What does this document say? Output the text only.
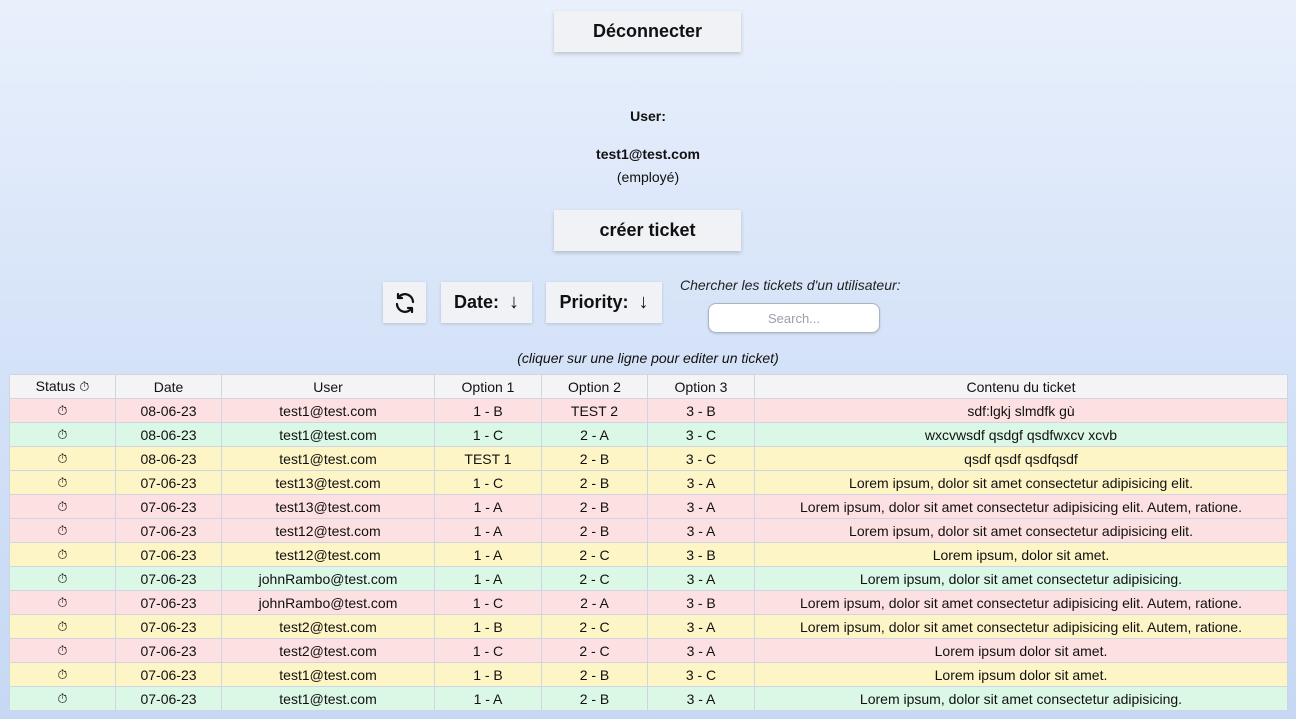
Déconnecter
User:
test1@test.com
(employé)
créer ticket
Date: ↓ Priority: ↓
Chercher les tickets d'un utilisateur:
Search...
(cliquer sur une ligne pour editer un ticket)
Status ⏱	Date	User	Option 1	Option 2	Option 3	Contenu du ticket
⏱	08-06-23	test1@test.com	1 - B	TEST 2	3 - B	sdf:lgkj slmdfk gù
⏱	08-06-23	test1@test.com	1 - C	2 - A	3 - C	wxcvwsdf qsdgf qsdfwxcv xcvb
⏱	08-06-23	test1@test.com	TEST 1	2 - B	3 - C	qsdf qsdf qsdfqsdf
⏱	07-06-23	test13@test.com	1 - C	2 - B	3 - A	Lorem ipsum, dolor sit amet consectetur adipisicing elit.
⏱	07-06-23	test13@test.com	1 - A	2 - B	3 - A	Lorem ipsum, dolor sit amet consectetur adipisicing elit. Autem, ratione.
⏱	07-06-23	test12@test.com	1 - A	2 - B	3 - A	Lorem ipsum, dolor sit amet consectetur adipisicing elit.
⏱	07-06-23	test12@test.com	1 - A	2 - C	3 - B	Lorem ipsum, dolor sit amet.
⏱	07-06-23	johnRambo@test.com	1 - A	2 - C	3 - A	Lorem ipsum, dolor sit amet consectetur adipisicing.
⏱	07-06-23	johnRambo@test.com	1 - C	2 - A	3 - B	Lorem ipsum, dolor sit amet consectetur adipisicing elit. Autem, ratione.
⏱	07-06-23	test2@test.com	1 - B	2 - C	3 - A	Lorem ipsum, dolor sit amet consectetur adipisicing elit. Autem, ratione.
⏱	07-06-23	test2@test.com	1 - C	2 - C	3 - A	Lorem ipsum dolor sit amet.
⏱	07-06-23	test1@test.com	1 - B	2 - B	3 - C	Lorem ipsum dolor sit amet.
⏱	07-06-23	test1@test.com	1 - A	2 - B	3 - A	Lorem ipsum, dolor sit amet consectetur adipisicing.
